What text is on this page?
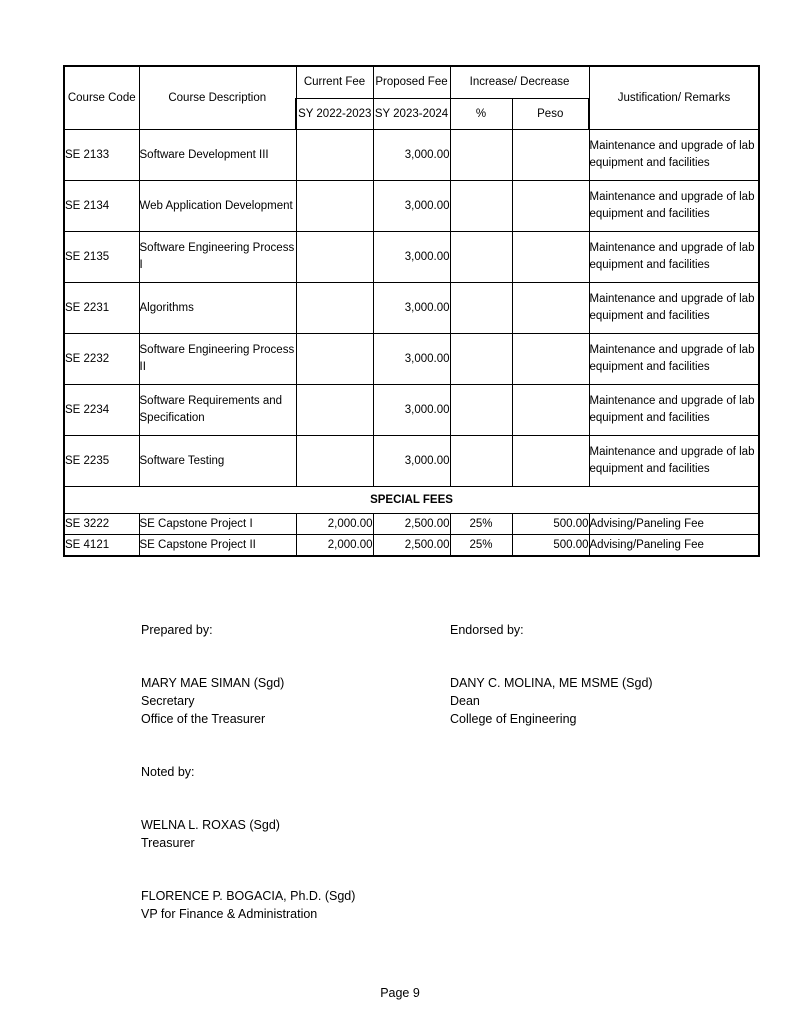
Course Code	Course Description	Current Fee	Proposed Fee	Increase/ Decrease		Justification/ Remarks
		SY 2022-2023	SY 2023-2024	%	Peso	
SE 2133	Software Development III		3,000.00			Maintenance and upgrade of lab equipment and facilities
SE 2134	Web Application Development		3,000.00			Maintenance and upgrade of lab equipment and facilities
SE 2135	Software Engineering Process I		3,000.00			Maintenance and upgrade of lab equipment and facilities
SE 2231	Algorithms		3,000.00			Maintenance and upgrade of lab equipment and facilities
SE 2232	Software Engineering Process II		3,000.00			Maintenance and upgrade of lab equipment and facilities
SE 2234	Software Requirements and Specification		3,000.00			Maintenance and upgrade of lab equipment and facilities
SE 2235	Software Testing		3,000.00			Maintenance and upgrade of lab equipment and facilities
SPECIAL FEES						
SE 3222	SE Capstone Project I	2,000.00	2,500.00	25%	500.00	Advising/Paneling Fee
SE 4121	SE Capstone Project II	2,000.00	2,500.00	25%	500.00	Advising/Paneling Fee
Prepared by:
MARY MAE SIMAN (Sgd)
Secretary
Office of the Treasurer
Endorsed by:
DANY C. MOLINA, ME MSME (Sgd)
Dean
College of Engineering
Noted by:
WELNA L. ROXAS (Sgd)
Treasurer
FLORENCE P. BOGACIA, Ph.D. (Sgd)
VP for Finance & Administration
Page 9
